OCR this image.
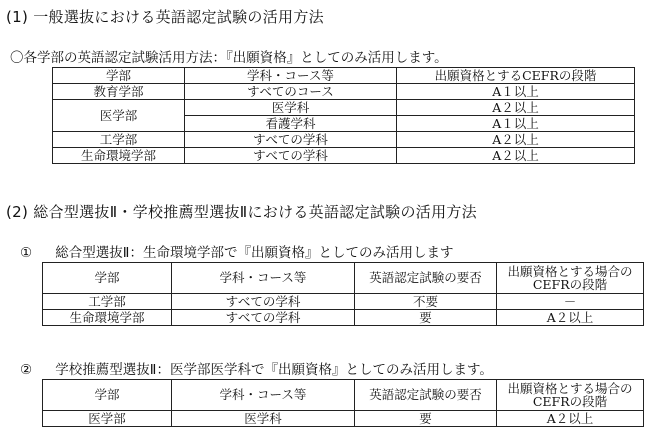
(1) 一般選抜における英語認定試験の活用方法
〇各学部の英語認定試験活用方法：『出願資格』としてのみ活用します。
学部	学科・コース等	出願資格とするCEFRの段階
教育学部	すべてのコース	A１以上
医学部	医学科	A２以上
	看護学科	A１以上
工学部	すべての学科	A２以上
生命環境学部	すべての学科	A２以上
(2) 総合型選抜Ⅱ・学校推薦型選抜Ⅱにおける英語認定試験の活用方法
① 総合型選抜Ⅱ：生命環境学部で『出願資格』としてのみ活用します
学部	学科・コース等	英語認定試験の要否	出願資格とする場合の
CEFRの段階

工学部	すべての学科	不要	－
生命環境学部	すべての学科	要	A２以上
② 学校推薦型選抜Ⅱ：医学部医学科で『出願資格』としてのみ活用します。
学部	学科・コース等	英語認定試験の要否	出願資格とする場合の
CEFRの段階

医学部	医学科	要	A２以上
